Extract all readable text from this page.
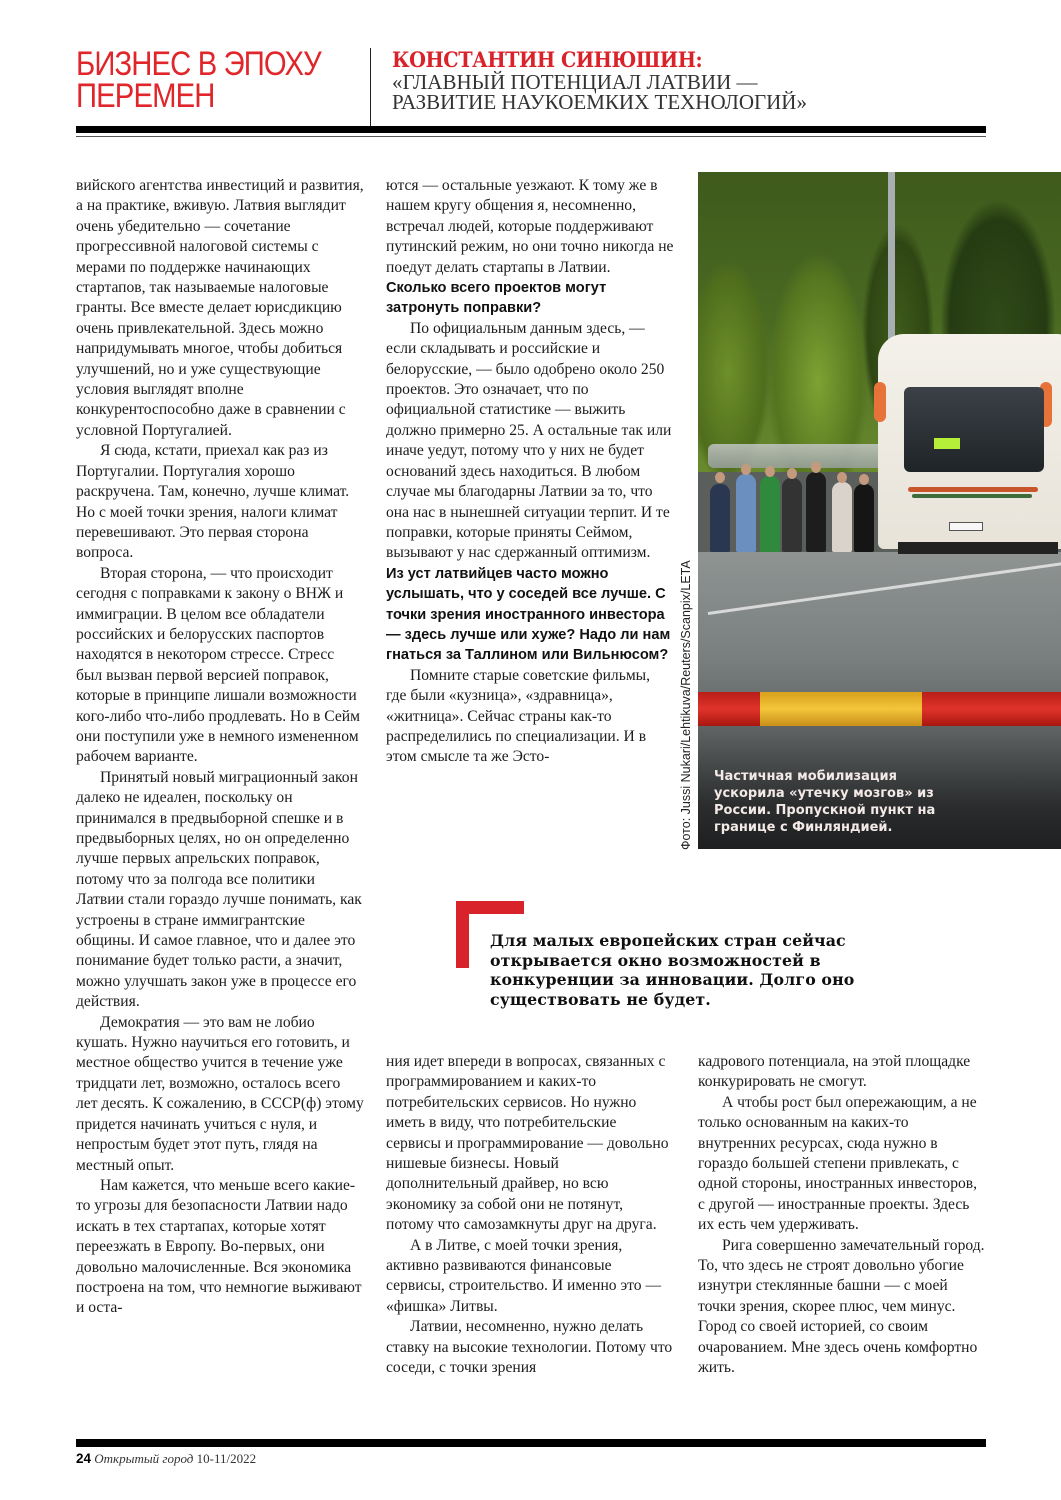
БИЗНЕС В ЭПОХУ ПЕРЕМЕН
КОНСТАНТИН СИНЮШИН:
«ГЛАВНЫЙ ПОТЕНЦИАЛ ЛАТВИИ —
РАЗВИТИЕ НАУКОЕМКИХ ТЕХНОЛОГИЙ»

вийского агентства инвестиций и развития, а на практике, вживую. Латвия выглядит очень убедительно — сочетание прогрессивной налоговой системы с мерами по поддержке начинающих стартапов, так называемые налоговые гранты. Все вместе делает юрисдикцию очень привлекательной. Здесь можно напридумывать многое, чтобы добиться улучшений, но и уже существующие условия выглядят вполне конкурентоспособно даже в сравнении с условной Португалией.

Я сюда, кстати, приехал как раз из Португалии. Португалия хорошо раскручена. Там, конечно, лучше климат. Но с моей точки зрения, налоги климат перевешивают. Это первая сторона вопроса.

Вторая сторона, — что происходит сегодня с поправками к закону о ВНЖ и иммиграции. В целом все обладатели российских и белорусских паспортов находятся в некотором стрессе. Стресс был вызван первой версией поправок, которые в принципе лишали возможности кого-либо что-либо продлевать. Но в Сейм они поступили уже в немного измененном рабочем варианте.

Принятый новый миграционный закон далеко не идеален, поскольку он принимался в предвыборной спешке и в предвыборных целях, но он определенно лучше первых апрельских поправок, потому что за полгода все политики Латвии стали гораздо лучше понимать, как устроены в стране иммигрантские общины. И самое главное, что и далее это понимание будет только расти, а значит, можно улучшать закон уже в процессе его действия.

Демократия — это вам не лобио кушать. Нужно научиться его готовить, и местное общество учится в течение уже тридцати лет, возможно, осталось всего лет десять. К сожалению, в СССР(ф) этому придется начинать учиться с нуля, и непростым будет этот путь, глядя на местный опыт.

Нам кажется, что меньше всего какие-то угрозы для безопасности Латвии надо искать в тех стартапах, которые хотят переезжать в Европу. Во-первых, они довольно малочисленные. Вся экономика построена на том, что немногие выживают и оста-

ются — остальные уезжают. К тому же в нашем кругу общения я, несомненно, встречал людей, которые поддерживают путинский режим, но они точно никогда не поедут делать стартапы в Латвии.

Сколько всего проектов могут затронуть поправки?

По официальным данным здесь, — если складывать и российские и белорусские, — было одобрено около 250 проектов. Это означает, что по официальной статистике — выжить должно примерно 25. А остальные так или иначе уедут, потому что у них не будет оснований здесь находиться. В любом случае мы благодарны Латвии за то, что она нас в нынешней ситуации терпит. И те поправки, которые приняты Сеймом, вызывают у нас сдержанный оптимизм.

Из уст латвийцев часто можно услышать, что у соседей все лучше. С точки зрения иностранного инвестора — здесь лучше или хуже? Надо ли нам гнаться за Таллином или Вильнюсом?

Помните старые советские фильмы, где были «кузница», «здравница», «житница». Сейчас страны как-то распределились по специализации. И в этом смысле та же Эсто-

Частичная мобилизация ускорила «утечку мозгов» из России. Пропускной пункт на границе с Финляндией.
Фото: Jussi Nukari/Lehtikuva/Reuters/Scanpix/LETA
Для малых европейских стран сейчас открывается окно возможностей в конкуренции за инновации. Долго оно существовать не будет.

ния идет впереди в вопросах, связанных с программированием и каких-то потребительских сервисов. Но нужно иметь в виду, что потребительские сервисы и программирование — довольно нишевые бизнесы. Новый дополнительный драйвер, но всю экономику за собой они не потянут, потому что самозамкнуты друг на друга.

А в Литве, с моей точки зрения, активно развиваются финансовые сервисы, строительство. И именно это — «фишка» Литвы.

Латвии, несомненно, нужно делать ставку на высокие технологии. Потому что соседи, с точки зрения

кадрового потенциала, на этой площадке конкурировать не смогут.

А чтобы рост был опережающим, а не только основанным на каких-то внутренних ресурсах, сюда нужно в гораздо большей степени привлекать, с одной стороны, иностранных инвесторов, с другой — иностранные проекты. Здесь их есть чем удерживать.

Рига совершенно замечательный город. То, что здесь не строят довольно убогие изнутри стеклянные башни — с моей точки зрения, скорее плюс, чем минус. Город со своей историей, со своим очарованием. Мне здесь очень комфортно жить.

24 Открытый город 10-11/2022
